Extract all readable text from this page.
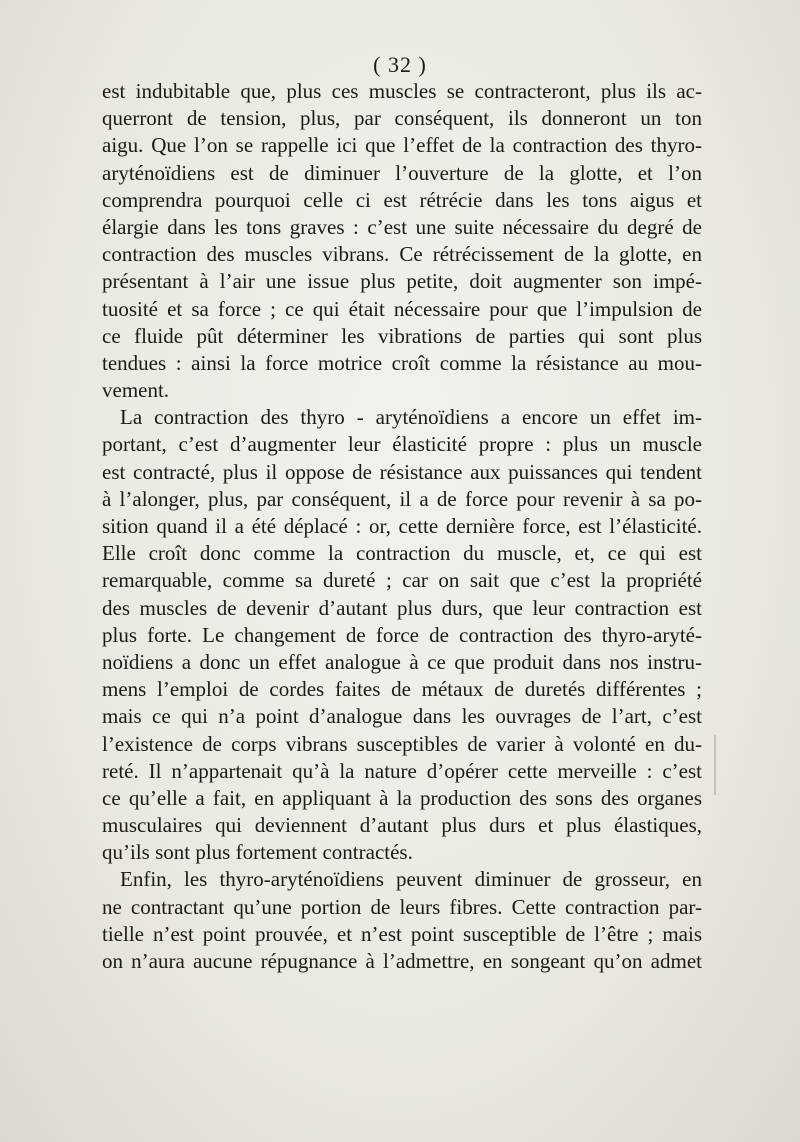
( 32 )
est indubitable que, plus ces muscles se contracteront, plus ils ac-
querront de tension, plus, par conséquent, ils donneront un ton
aigu. Que l’on se rappelle ici que l’effet de la contraction des thyro-
aryténoïdiens est de diminuer l’ouverture de la glotte, et l’on
comprendra pourquoi celle ci est rétrécie dans les tons aigus et
élargie dans les tons graves : c’est une suite nécessaire du degré de
contraction des muscles vibrans. Ce rétrécissement de la glotte, en
présentant à l’air une issue plus petite, doit augmenter son impé-
tuosité et sa force ; ce qui était nécessaire pour que l’impulsion de
ce fluide pût déterminer les vibrations de parties qui sont plus
tendues : ainsi la force motrice croît comme la résistance au mou-
vement.
La contraction des thyro - aryténoïdiens a encore un effet im-
portant, c’est d’augmenter leur élasticité propre : plus un muscle
est contracté, plus il oppose de résistance aux puissances qui tendent
à l’alonger, plus, par conséquent, il a de force pour revenir à sa po-
sition quand il a été déplacé : or, cette dernière force, est l’élasticité.
Elle croît donc comme la contraction du muscle, et, ce qui est
remarquable, comme sa dureté ; car on sait que c’est la propriété
des muscles de devenir d’autant plus durs, que leur contraction est
plus forte. Le changement de force de contraction des thyro-aryté-
noïdiens a donc un effet analogue à ce que produit dans nos instru-
mens l’emploi de cordes faites de métaux de duretés différentes ;
mais ce qui n’a point d’analogue dans les ouvrages de l’art, c’est
l’existence de corps vibrans susceptibles de varier à volonté en du-
reté. Il n’appartenait qu’à la nature d’opérer cette merveille : c’est
ce qu’elle a fait, en appliquant à la production des sons des organes
musculaires qui deviennent d’autant plus durs et plus élastiques,
qu’ils sont plus fortement contractés.
Enfin, les thyro-aryténoïdiens peuvent diminuer de grosseur, en
ne contractant qu’une portion de leurs fibres. Cette contraction par-
tielle n’est point prouvée, et n’est point susceptible de l’être ; mais
on n’aura aucune répugnance à l’admettre, en songeant qu’on admet
